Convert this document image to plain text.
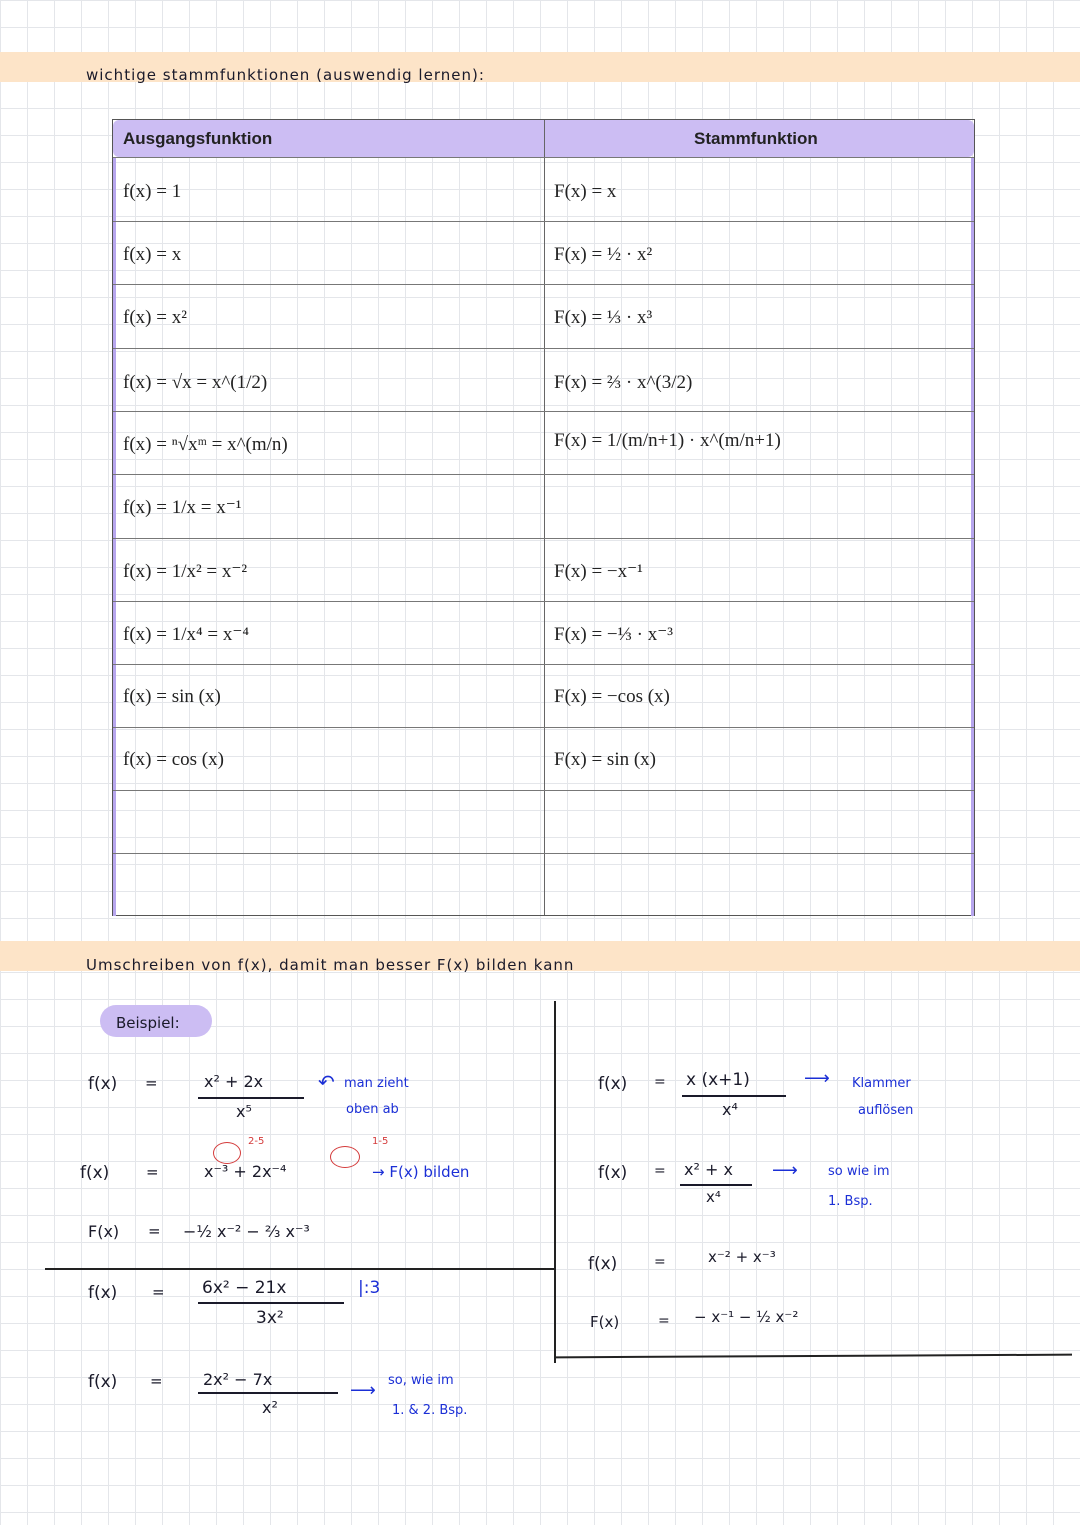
wichtige stammfunktionen (auswendig lernen):
Ausgangsfunktion	Stammfunktion
f(x) = 1	F(x) = x
f(x) = x	F(x) = ½ · x²
f(x) = x²	F(x) = ⅓ · x³
f(x) = √x = x^(1/2)	F(x) = ⅔ · x^(3/2)
f(x) = ⁿ√xᵐ = x^(m/n)	F(x) = 1/(m/n+1) · x^(m/n+1)
f(x) = 1/x = x⁻¹
f(x) = 1/x² = x⁻²	F(x) = −x⁻¹
f(x) = 1/x⁴ = x⁻⁴	F(x) = −⅓ · x⁻³
f(x) = sin (x)	F(x) = −cos (x)
f(x) = cos (x)	F(x) = sin (x)
Umschreiben von f(x), damit man besser F(x) bilden kann
Beispiel:
f(x) =	x² + 2x
x⁵
↶ man zieht
oben ab
2-5	1-5
f(x) =	x⁻³ + 2x⁻⁴	→ F(x) bilden
F(x) = −½ x⁻² − ⅔ x⁻³
f(x) = 6x² − 21x
3x²
|:3
f(x) =	2x² − 7x
x²
⟶ so, wie im
1. & 2. Bsp.
f(x) = x (x+1)
x⁴
⟶ Klammer
auflösen
f(x) = x² + x
x⁴
⟶ so wie im
1. Bsp.
f(x)	=	x⁻² + x⁻³
F(x)	= − x⁻¹ − ½ x⁻²
